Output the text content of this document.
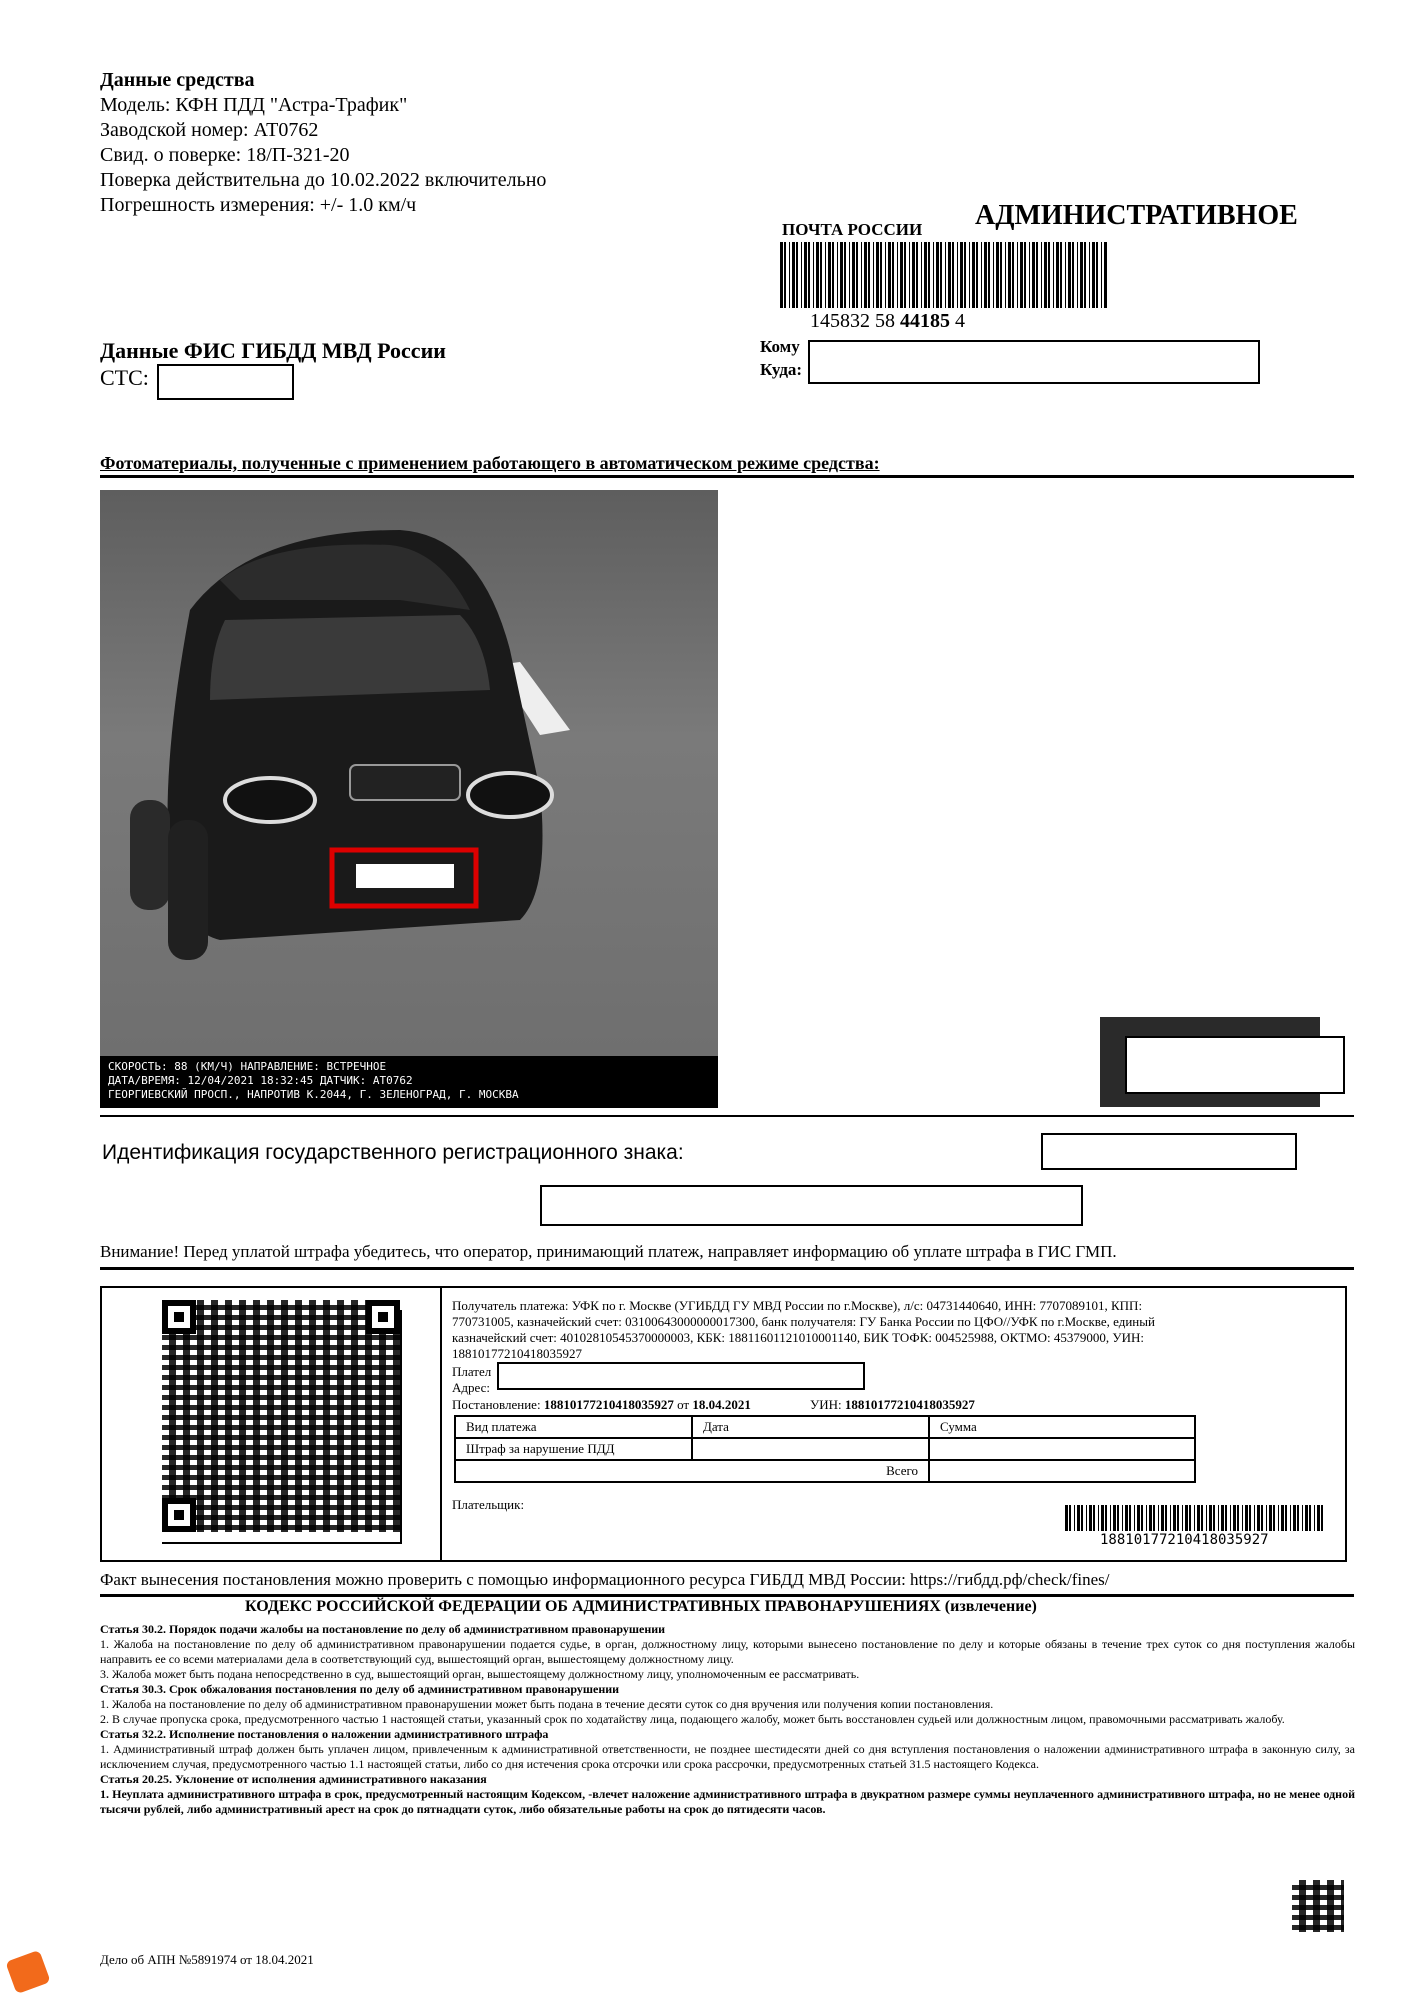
Данные средства
Модель: КФН ПДД "Астра-Трафик"
Заводской номер: АТ0762
Свид. о поверке: 18/П-321-20
Поверка действительна до 10.02.2022 включительно
Погрешность измерения: +/- 1.0 км/ч	АДМИНИСТРАТИВНОЕ
ПОЧТА РОССИИ
145832 58 44185 4
Кому
Куда:
Данные ФИС ГИБДД МВД России
СТС:
Фотоматериалы, полученные с применением работающего в автоматическом режиме средства:
СКОРОСТЬ: 88 (КМ/Ч) НАПРАВЛЕНИЕ: ВСТРЕЧНОЕ
ДАТА/ВРЕМЯ: 12/04/2021 18:32:45 ДАТЧИК: АТ0762
ГЕОРГИЕВСКИЙ ПРОСП., НАПРОТИВ К.2044, Г. ЗЕЛЕНОГРАД, Г. МОСКВА
Идентификация государственного регистрационного знака:
Внимание! Перед уплатой штрафа убедитесь, что оператор, принимающий платеж, направляет информацию об уплате штрафа в ГИС ГМП.
Получатель платежа: УФК по г. Москве (УГИБДД ГУ МВД России по г.Москве), л/с: 04731440640, ИНН: 7707089101, КПП: 770731005, казначейский счет: 03100643000000017300, банк получателя: ГУ Банка России по ЦФО//УФК по г.Москве, единый казначейский счет: 40102810545370000003, КБК: 18811601121010001140, БИК ТОФК: 004525988, ОКТМО: 45379000, УИН: 18810177210418035927
Плател
Адрес:
Постановление: 18810177210418035927 от 18.04.2021	УИН: 18810177210418035927
Вид платежа	Дата	Сумма
Штраф за нарушение ПДД		
Всего		
Плательщик:
18810177210418035927
Факт вынесения постановления можно проверить с помощью информационного ресурса ГИБДД МВД России: https://гибдд.рф/check/fines/
КОДЕКС РОССИЙСКОЙ ФЕДЕРАЦИИ ОБ АДМИНИСТРАТИВНЫХ ПРАВОНАРУШЕНИЯХ (извлечение)

Статья 30.2. Порядок подачи жалобы на постановление по делу об административном правонарушении

1. Жалоба на постановление по делу об административном правонарушении подается судье, в орган, должностному лицу, которыми вынесено постановление по делу и которые обязаны в течение трех суток со дня поступления жалобы направить ее со всеми материалами дела в соответствующий суд, вышестоящий орган, вышестоящему должностному лицу.

3. Жалоба может быть подана непосредственно в суд, вышестоящий орган, вышестоящему должностному лицу, уполномоченным ее рассматривать.

Статья 30.3. Срок обжалования постановления по делу об административном правонарушении

1. Жалоба на постановление по делу об административном правонарушении может быть подана в течение десяти суток со дня вручения или получения копии постановления.

2. В случае пропуска срока, предусмотренного частью 1 настоящей статьи, указанный срок по ходатайству лица, подающего жалобу, может быть восстановлен судьей или должностным лицом, правомочными рассматривать жалобу.

Статья 32.2. Исполнение постановления о наложении административного штрафа

1. Административный штраф должен быть уплачен лицом, привлеченным к административной ответственности, не позднее шестидесяти дней со дня вступления постановления о наложении административного штрафа в законную силу, за исключением случая, предусмотренного частью 1.1 настоящей статьи, либо со дня истечения срока отсрочки или срока рассрочки, предусмотренных статьей 31.5 настоящего Кодекса.

Статья 20.25. Уклонение от исполнения административного наказания

1. Неуплата административного штрафа в срок, предусмотренный настоящим Кодексом, -влечет наложение административного штрафа в двукратном размере суммы неуплаченного административного штрафа, но не менее одной тысячи рублей, либо административный арест на срок до пятнадцати суток, либо обязательные работы на срок до пятидесяти часов.

Дело об АПН №5891974 от 18.04.2021
